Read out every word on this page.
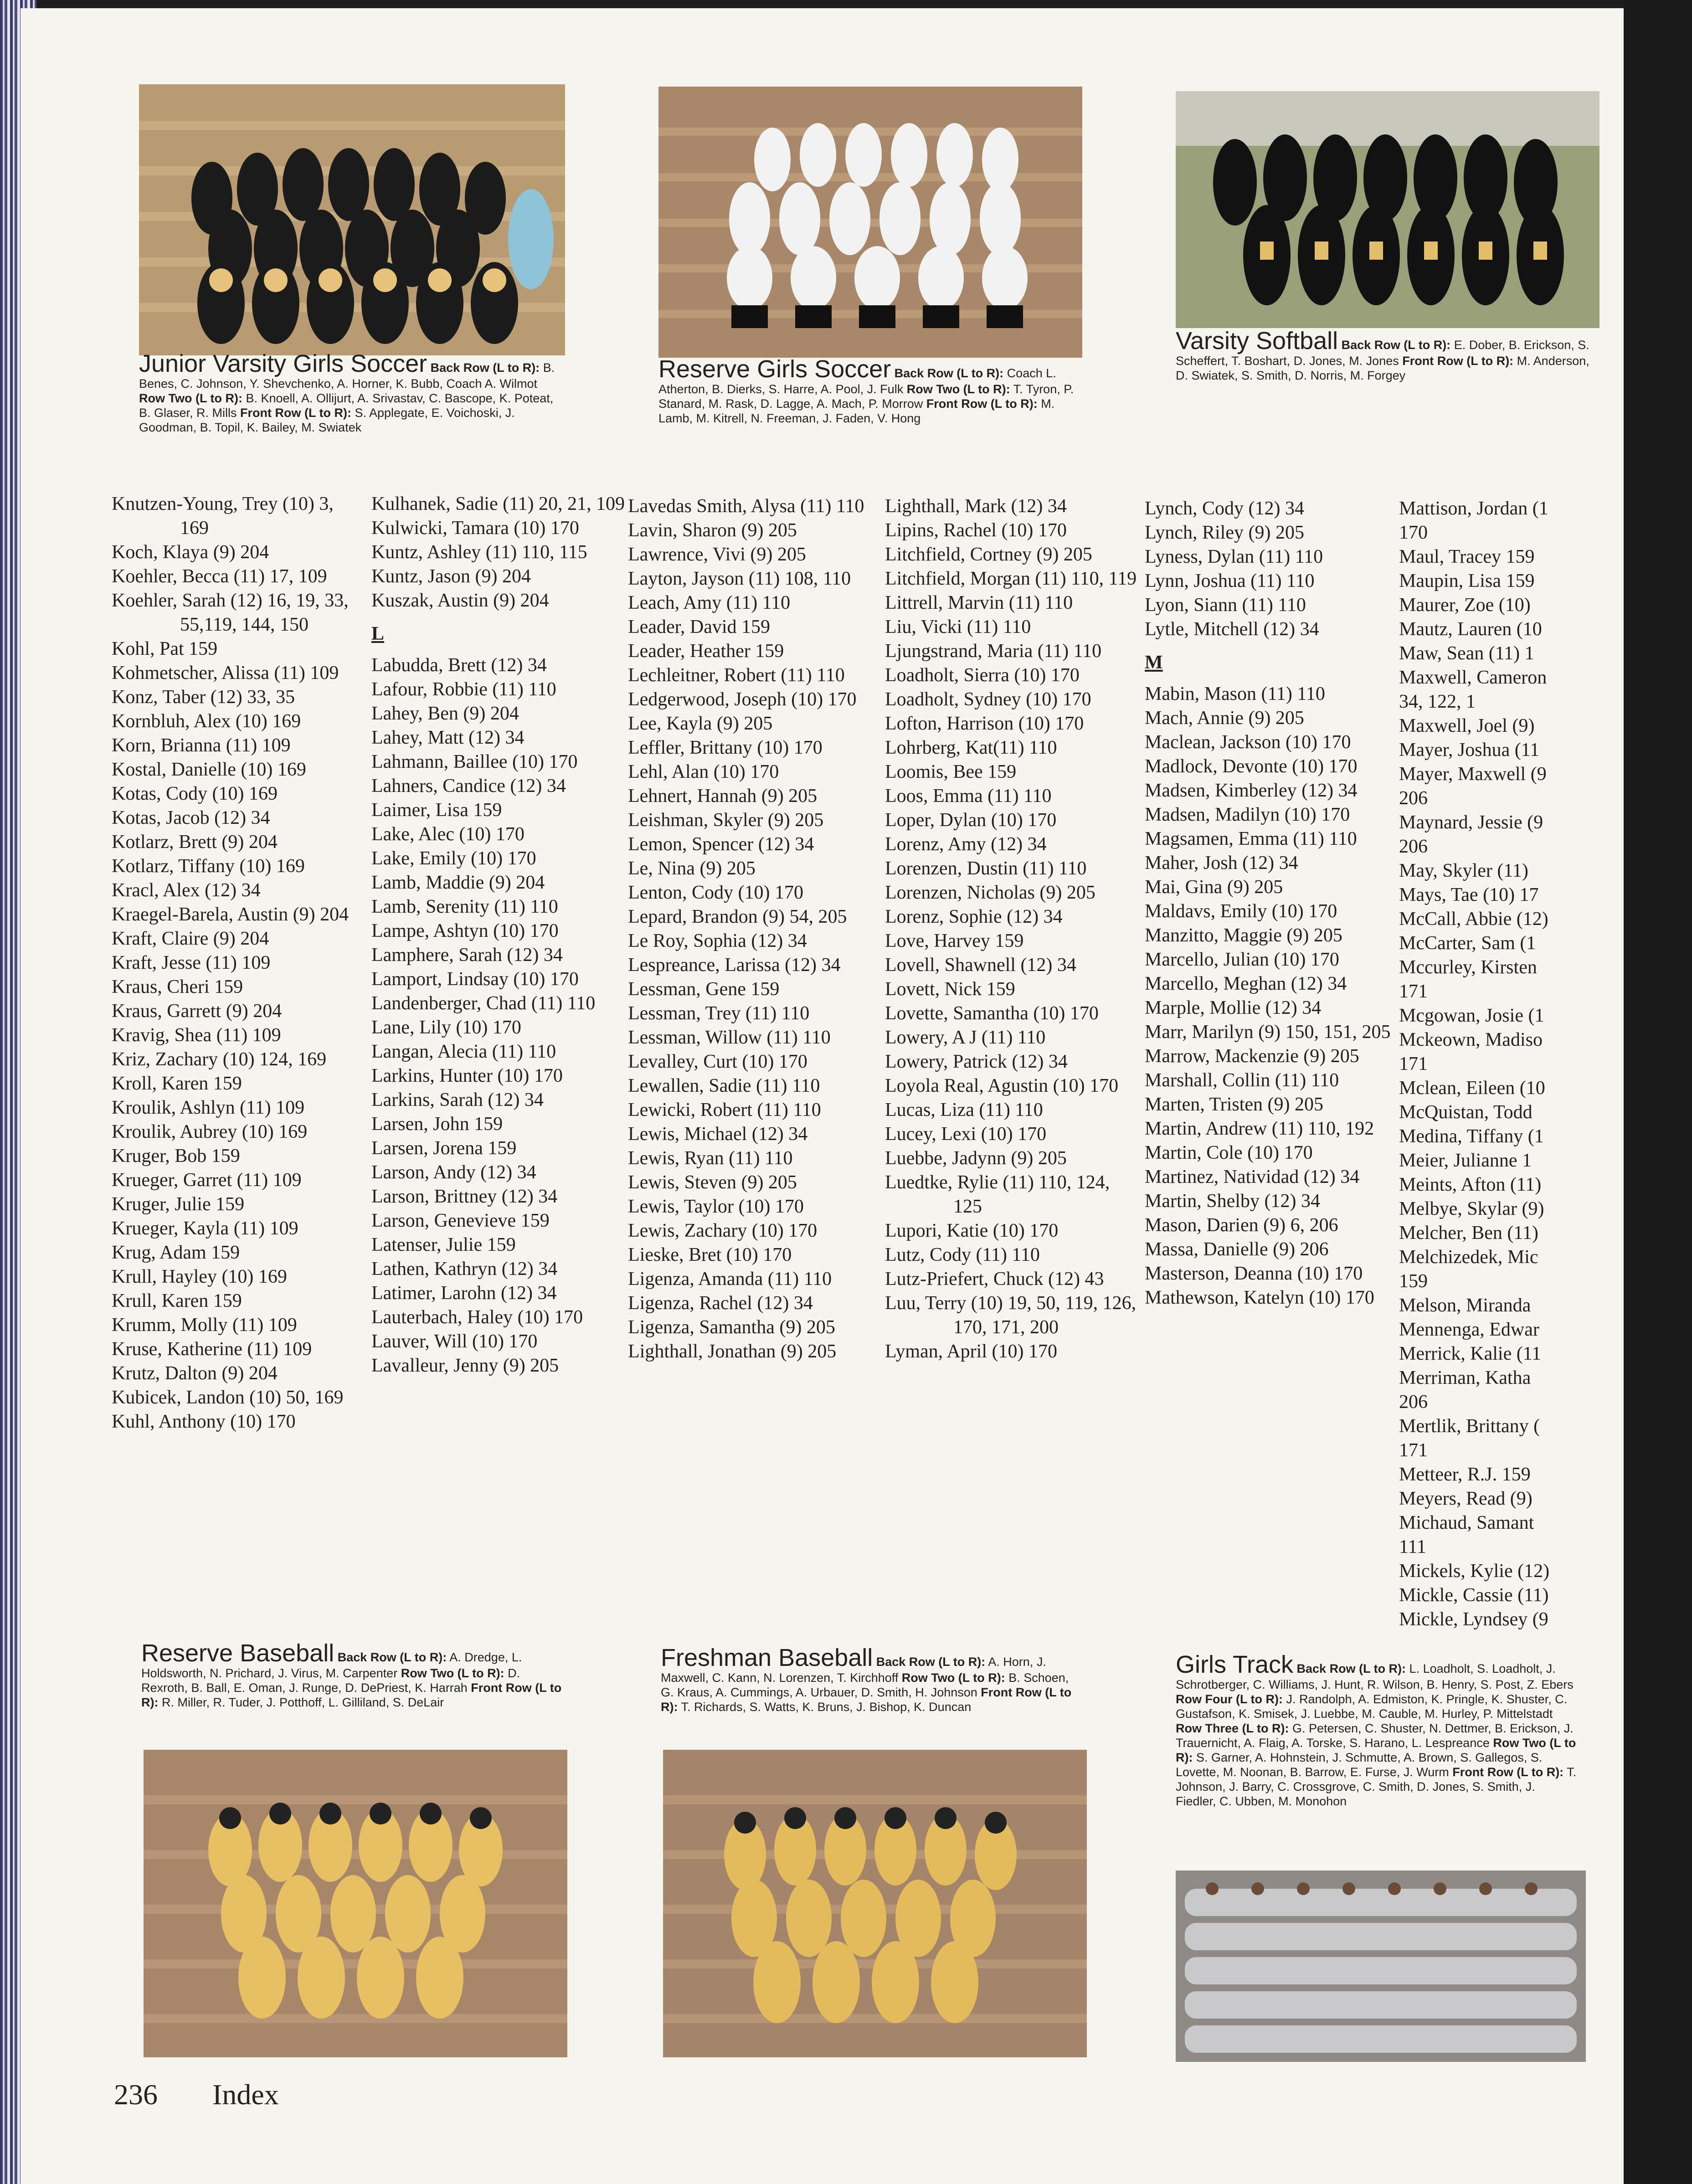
Junior Varsity Girls Soccer Back Row (L to R): B. Benes, C. Johnson, Y. Shevchenko, A. Horner, K. Bubb, Coach A. Wilmot Row Two (L to R): B. Knoell, A. Ollijurt, A. Srivastav, C. Bascope, K. Poteat, B. Glaser, R. Mills Front Row (L to R): S. Applegate, E. Voichoski, J. Goodman, B. Topil, K. Bailey, M. Swiatek
Reserve Girls Soccer Back Row (L to R): Coach L. Atherton, B. Dierks, S. Harre, A. Pool, J. Fulk Row Two (L to R): T. Tyron, P. Stanard, M. Rask, D. Lagge, A. Mach, P. Morrow Front Row (L to R): M. Lamb, M. Kitrell, N. Freeman, J. Faden, V. Hong
Varsity Softball Back Row (L to R): E. Dober, B. Erickson, S. Scheffert, T. Boshart, D. Jones, M. Jones Front Row (L to R): M. Anderson, D. Swiatek, S. Smith, D. Norris, M. Forgey
Knutzen-Young, Trey (10) 3, 169
Koch, Klaya (9) 204
Koehler, Becca (11) 17, 109
Koehler, Sarah (12) 16, 19, 33, 55,119, 144, 150
Kohl, Pat 159
Kohmetscher, Alissa (11) 109
Konz, Taber (12) 33, 35
Kornbluh, Alex (10) 169
Korn, Brianna (11) 109
Kostal, Danielle (10) 169
Kotas, Cody (10) 169
Kotas, Jacob (12) 34
Kotlarz, Brett (9) 204
Kotlarz, Tiffany (10) 169
Kracl, Alex (12) 34
Kraegel-Barela, Austin (9) 204
Kraft, Claire (9) 204
Kraft, Jesse (11) 109
Kraus, Cheri 159
Kraus, Garrett (9) 204
Kravig, Shea (11) 109
Kriz, Zachary (10) 124, 169
Kroll, Karen 159
Kroulik, Ashlyn (11) 109
Kroulik, Aubrey (10) 169
Kruger, Bob 159
Krueger, Garret (11) 109
Kruger, Julie 159
Krueger, Kayla (11) 109
Krug, Adam 159
Krull, Hayley (10) 169
Krull, Karen 159
Krumm, Molly (11) 109
Kruse, Katherine (11) 109
Krutz, Dalton (9) 204
Kubicek, Landon (10) 50, 169
Kuhl, Anthony (10) 170
Kulhanek, Sadie (11) 20, 21, 109
Kulwicki, Tamara (10) 170
Kuntz, Ashley (11) 110, 115
Kuntz, Jason (9) 204
Kuszak, Austin (9) 204
L
Labudda, Brett (12) 34
Lafour, Robbie (11) 110
Lahey, Ben (9) 204
Lahey, Matt (12) 34
Lahmann, Baillee (10) 170
Lahners, Candice (12) 34
Laimer, Lisa 159
Lake, Alec (10) 170
Lake, Emily (10) 170
Lamb, Maddie (9) 204
Lamb, Serenity (11) 110
Lampe, Ashtyn (10) 170
Lamphere, Sarah (12) 34
Lamport, Lindsay (10) 170
Landenberger, Chad (11) 110
Lane, Lily (10) 170
Langan, Alecia (11) 110
Larkins, Hunter (10) 170
Larkins, Sarah (12) 34
Larsen, John 159
Larsen, Jorena 159
Larson, Andy (12) 34
Larson, Brittney (12) 34
Larson, Genevieve 159
Latenser, Julie 159
Lathen, Kathryn (12) 34
Latimer, Larohn (12) 34
Lauterbach, Haley (10) 170
Lauver, Will (10) 170
Lavalleur, Jenny (9) 205
Lavedas Smith, Alysa (11) 110
Lavin, Sharon (9) 205
Lawrence, Vivi (9) 205
Layton, Jayson (11) 108, 110
Leach, Amy (11) 110
Leader, David 159
Leader, Heather 159
Lechleitner, Robert (11) 110
Ledgerwood, Joseph (10) 170
Lee, Kayla (9) 205
Leffler, Brittany (10) 170
Lehl, Alan (10) 170
Lehnert, Hannah (9) 205
Leishman, Skyler (9) 205
Lemon, Spencer (12) 34
Le, Nina (9) 205
Lenton, Cody (10) 170
Lepard, Brandon (9) 54, 205
Le Roy, Sophia (12) 34
Lespreance, Larissa (12) 34
Lessman, Gene 159
Lessman, Trey (11) 110
Lessman, Willow (11) 110
Levalley, Curt (10) 170
Lewallen, Sadie (11) 110
Lewicki, Robert (11) 110
Lewis, Michael (12) 34
Lewis, Ryan (11) 110
Lewis, Steven (9) 205
Lewis, Taylor (10) 170
Lewis, Zachary (10) 170
Lieske, Bret (10) 170
Ligenza, Amanda (11) 110
Ligenza, Rachel (12) 34
Ligenza, Samantha (9) 205
Lighthall, Jonathan (9) 205
Lighthall, Mark (12) 34
Lipins, Rachel (10) 170
Litchfield, Cortney (9) 205
Litchfield, Morgan (11) 110, 119
Littrell, Marvin (11) 110
Liu, Vicki (11) 110
Ljungstrand, Maria (11) 110
Loadholt, Sierra (10) 170
Loadholt, Sydney (10) 170
Lofton, Harrison (10) 170
Lohrberg, Kat(11) 110
Loomis, Bee 159
Loos, Emma (11) 110
Loper, Dylan (10) 170
Lorenz, Amy (12) 34
Lorenzen, Dustin (11) 110
Lorenzen, Nicholas (9) 205
Lorenz, Sophie (12) 34
Love, Harvey 159
Lovell, Shawnell (12) 34
Lovett, Nick 159
Lovette, Samantha (10) 170
Lowery, A J (11) 110
Lowery, Patrick (12) 34
Loyola Real, Agustin (10) 170
Lucas, Liza (11) 110
Lucey, Lexi (10) 170
Luebbe, Jadynn (9) 205
Luedtke, Rylie (11) 110, 124, 125
Lupori, Katie (10) 170
Lutz, Cody (11) 110
Lutz-Priefert, Chuck (12) 43
Luu, Terry (10) 19, 50, 119, 126, 170, 171, 200
Lyman, April (10) 170
Lynch, Cody (12) 34
Lynch, Riley (9) 205
Lyness, Dylan (11) 110
Lynn, Joshua (11) 110
Lyon, Siann (11) 110
Lytle, Mitchell (12) 34
M
Mabin, Mason (11) 110
Mach, Annie (9) 205
Maclean, Jackson (10) 170
Madlock, Devonte (10) 170
Madsen, Kimberley (12) 34
Madsen, Madilyn (10) 170
Magsamen, Emma (11) 110
Maher, Josh (12) 34
Mai, Gina (9) 205
Maldavs, Emily (10) 170
Manzitto, Maggie (9) 205
Marcello, Julian (10) 170
Marcello, Meghan (12) 34
Marple, Mollie (12) 34
Marr, Marilyn (9) 150, 151, 205
Marrow, Mackenzie (9) 205
Marshall, Collin (11) 110
Marten, Tristen (9) 205
Martin, Andrew (11) 110, 192
Martin, Cole (10) 170
Martinez, Natividad (12) 34
Martin, Shelby (12) 34
Mason, Darien (9) 6, 206
Massa, Danielle (9) 206
Masterson, Deanna (10) 170
Mathewson, Katelyn (10) 170
Mattison, Jordan (1
170
Maul, Tracey 159
Maupin, Lisa 159
Maurer, Zoe (10)
Mautz, Lauren (10
Maw, Sean (11) 1
Maxwell, Cameron
34, 122, 1
Maxwell, Joel (9)
Mayer, Joshua (11
Mayer, Maxwell (9
206
Maynard, Jessie (9
206
May, Skyler (11)
Mays, Tae (10) 17
McCall, Abbie (12)
McCarter, Sam (1
Mccurley, Kirsten
171
Mcgowan, Josie (1
Mckeown, Madiso
171
Mclean, Eileen (10
McQuistan, Todd
Medina, Tiffany (1
Meier, Julianne 1
Meints, Afton (11)
Melbye, Skylar (9)
Melcher, Ben (11)
Melchizedek, Mic
159
Melson, Miranda
Mennenga, Edwar
Merrick, Kalie (11
Merriman, Katha
206
Mertlik, Brittany (
171
Metteer, R.J. 159
Meyers, Read (9)
Michaud, Samant
111
Mickels, Kylie (12)
Mickle, Cassie (11)
Mickle, Lyndsey (9
Reserve Baseball Back Row (L to R): A. Dredge, L. Holdsworth, N. Prichard, J. Virus, M. Carpenter Row Two (L to R): D. Rexroth, B. Ball, E. Oman, J. Runge, D. DePriest, K. Harrah Front Row (L to R): R. Miller, R. Tuder, J. Potthoff, L. Gilliland, S. DeLair
Freshman Baseball Back Row (L to R): A. Horn, J. Maxwell, C. Kann, N. Lorenzen, T. Kirchhoff Row Two (L to R): B. Schoen, G. Kraus, A. Cummings, A. Urbauer, D. Smith, H. Johnson Front Row (L to R): T. Richards, S. Watts, K. Bruns, J. Bishop, K. Duncan
Girls Track Back Row (L to R): L. Loadholt, S. Loadholt, J. Schrotberger, C. Williams, J. Hunt, R. Wilson, B. Henry, S. Post, Z. Ebers Row Four (L to R): J. Randolph, A. Edmiston, K. Pringle, K. Shuster, C. Gustafson, K. Smisek, J. Luebbe, M. Cauble, M. Hurley, P. Mittelstadt Row Three (L to R): G. Petersen, C. Shuster, N. Dettmer, B. Erickson, J. Trauernicht, A. Flaig, A. Torske, S. Harano, L. Lespreance Row Two (L to R): S. Garner, A. Hohnstein, J. Schmutte, A. Brown, S. Gallegos, S. Lovette, M. Noonan, B. Barrow, E. Furse, J. Wurm Front Row (L to R): T. Johnson, J. Barry, C. Crossgrove, C. Smith, D. Jones, S. Smith, J. Fiedler, C. Ubben, M. Monohon
236 Index
